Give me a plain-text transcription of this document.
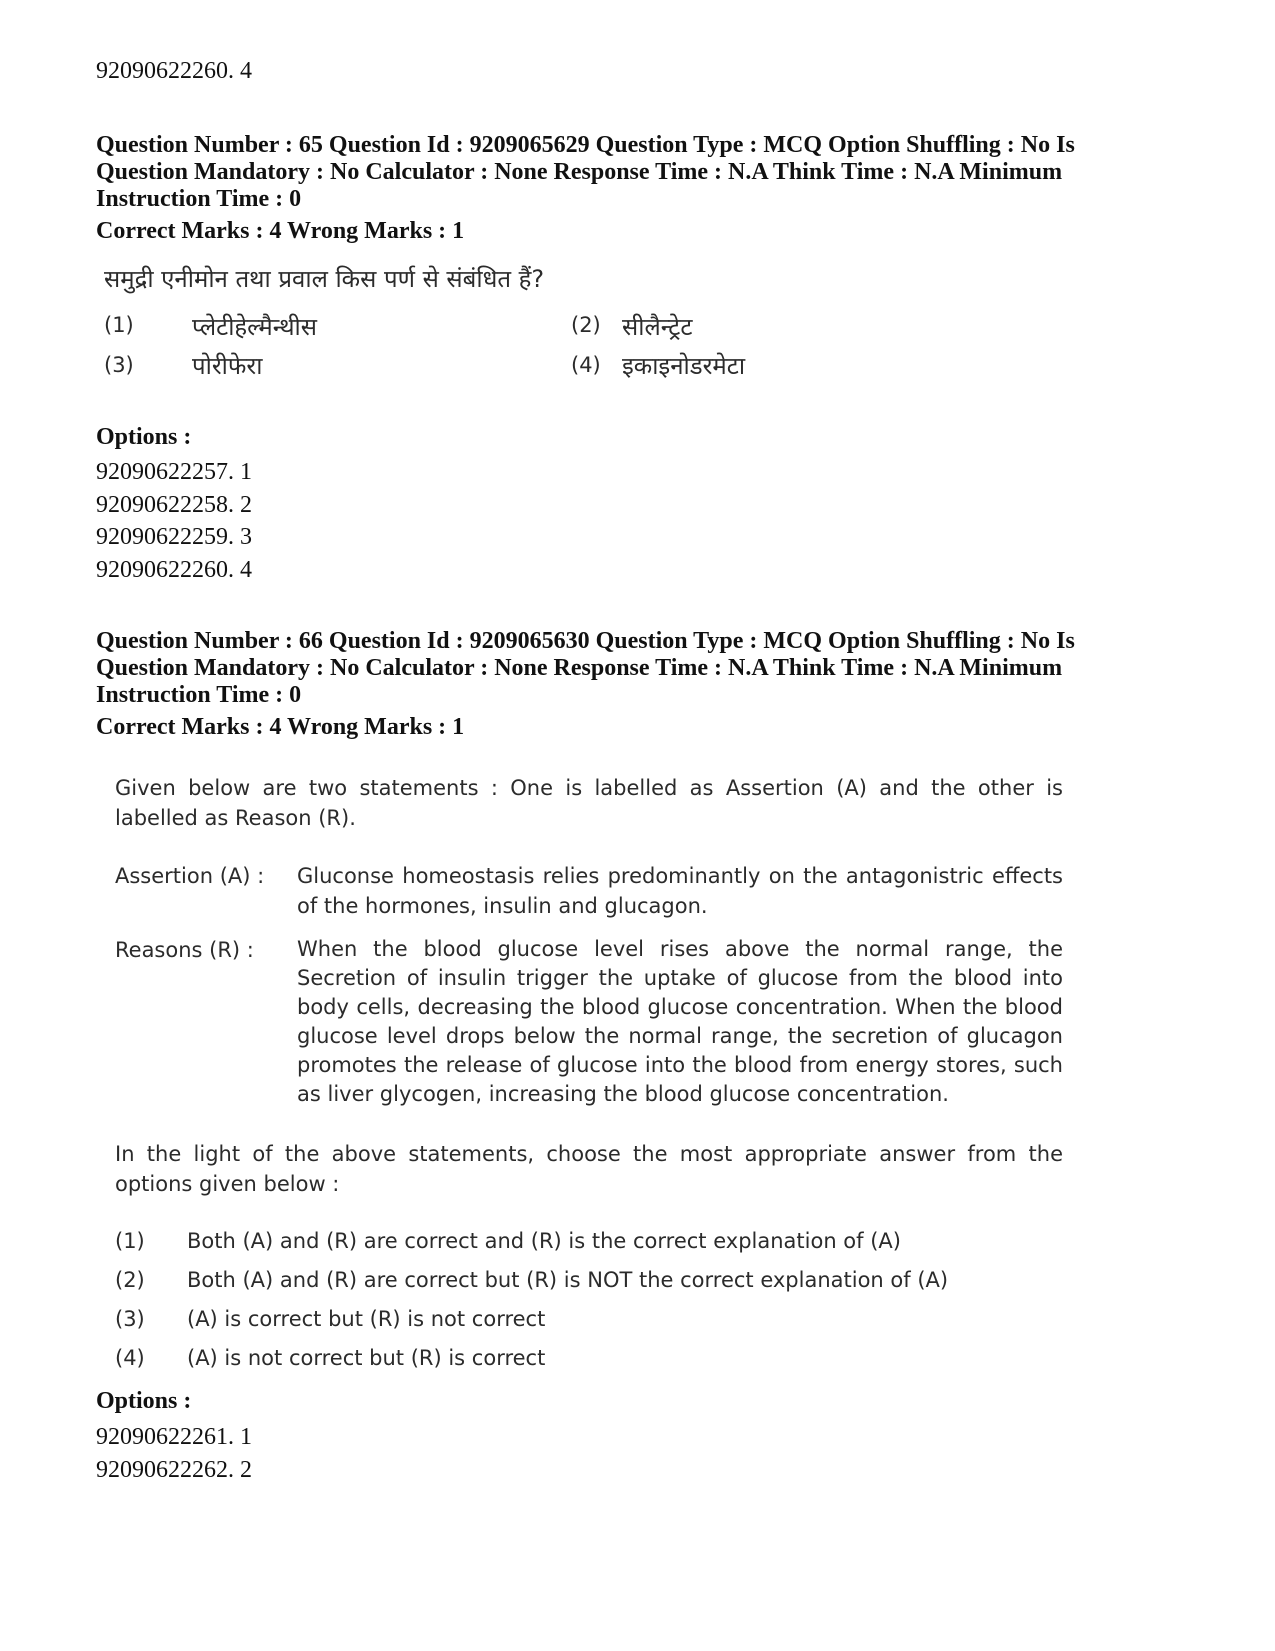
92090622260. 4
Question Number : 65 Question Id : 9209065629 Question Type : MCQ Option Shuffling : No Is
Question Mandatory : No Calculator : None Response Time : N.A Think Time : N.A Minimum
Instruction Time : 0
Correct Marks : 4 Wrong Marks : 1
समुद्री एनीमोन तथा प्रवाल किस पर्ण से संबंधित हैं?
(1) प्लेटीहेल्मैन्थीस	(2) सीलैन्ट्रेट
(3) पोरीफेरा	(4) इकाइनोडरमेटा
Options :
92090622257. 1
92090622258. 2
92090622259. 3
92090622260. 4
Question Number : 66 Question Id : 9209065630 Question Type : MCQ Option Shuffling : No Is
Question Mandatory : No Calculator : None Response Time : N.A Think Time : N.A Minimum
Instruction Time : 0
Correct Marks : 4 Wrong Marks : 1
Given below are two statements : One is labelled as Assertion (A) and the other is labelled as Reason (R).
Assertion (A) : Gluconse homeostasis relies predominantly on the antagonistric effects of the hormones, insulin and glucagon.
Reasons (R) : When the blood glucose level rises above the normal range, the Secretion of insulin trigger the uptake of glucose from the blood into body cells, decreasing the blood glucose concentration. When the blood glucose level drops below the normal range, the secretion of glucagon promotes the release of glucose into the blood from energy stores, such as liver glycogen, increasing the blood glucose concentration.
In the light of the above statements, choose the most appropriate answer from the options given below :
(1) Both (A) and (R) are correct and (R) is the correct explanation of (A)
(2) Both (A) and (R) are correct but (R) is NOT the correct explanation of (A)
(3) (A) is correct but (R) is not correct
(4) (A) is not correct but (R) is correct
Options :
92090622261. 1
92090622262. 2
